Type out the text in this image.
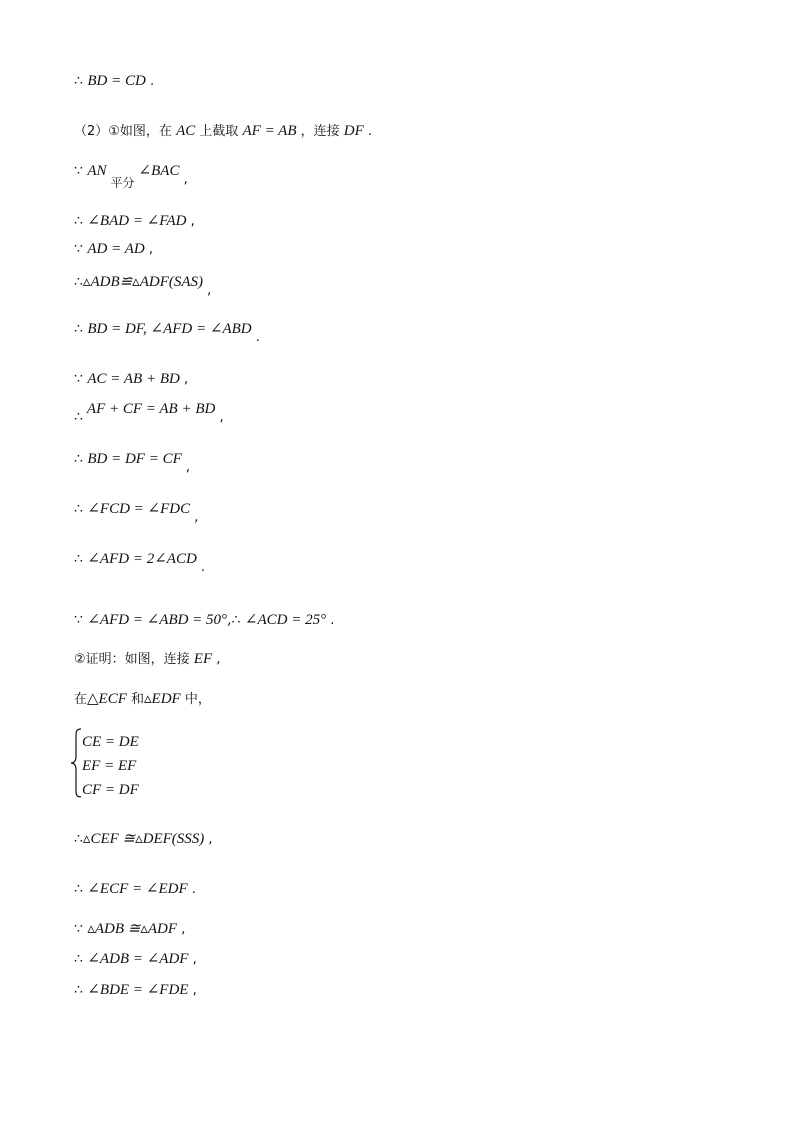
∴ BD = CD .
（2）①如图，在 AC 上截取 AF = AB ，连接 DF .
∵ AN平分∠BAC ,
∴ ∠BAD = ∠FAD ,
∵ AD = AD ,
∴▵ADB≌▵ADF(SAS) ,
∴ BD = DF, ∠AFD = ∠ABD .
∵ AC = AB + BD ,
∴ AF + CF = AB + BD ,
∴ BD = DF = CF ,
∴ ∠FCD = ∠FDC ,
∴ ∠AFD = 2∠ACD .
∵ ∠AFD = ∠ABD = 50°,∴ ∠ACD = 25° .
②证明：如图，连接 EF ,
在△ECF 和▵EDF 中，
CE = DE
EF = EF
CF = DF
∴▵CEF ≅▵DEF(SSS) ,
∴ ∠ECF = ∠EDF .
∵ ▵ADB ≅▵ADF ,
∴ ∠ADB = ∠ADF ,
∴ ∠BDE = ∠FDE ,
